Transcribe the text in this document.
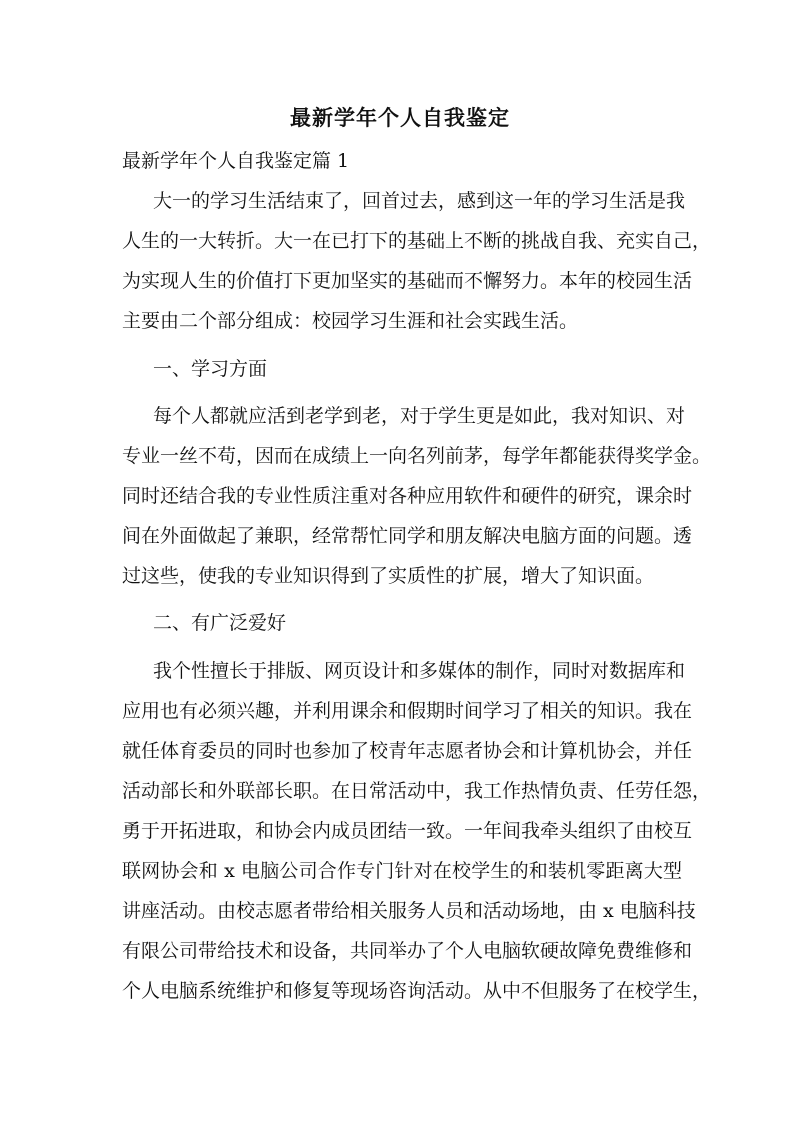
最新学年个人自我鉴定
最新学年个人自我鉴定篇 1
大一的学习生活结束了，回首过去，感到这一年的学习生活是我
人生的一大转折。大一在已打下的基础上不断的挑战自我、充实自己，
为实现人生的价值打下更加坚实的基础而不懈努力。本年的校园生活
主要由二个部分组成：校园学习生涯和社会实践生活。
一、学习方面
每个人都就应活到老学到老，对于学生更是如此，我对知识、对
专业一丝不苟，因而在成绩上一向名列前茅，每学年都能获得奖学金。
同时还结合我的专业性质注重对各种应用软件和硬件的研究，课余时
间在外面做起了兼职，经常帮忙同学和朋友解决电脑方面的问题。透
过这些，使我的专业知识得到了实质性的扩展，增大了知识面。
二、有广泛爱好
我个性擅长于排版、网页设计和多媒体的制作，同时对数据库和
应用也有必须兴趣，并利用课余和假期时间学习了相关的知识。我在
就任体育委员的同时也参加了校青年志愿者协会和计算机协会，并任
活动部长和外联部长职。在日常活动中，我工作热情负责、任劳任怨，
勇于开拓进取，和协会内成员团结一致。一年间我牵头组织了由校互
联网协会和 x 电脑公司合作专门针对在校学生的和装机零距离大型
讲座活动。由校志愿者带给相关服务人员和活动场地，由 x 电脑科技
有限公司带给技术和设备，共同举办了个人电脑软硬故障免费维修和
个人电脑系统维护和修复等现场咨询活动。从中不但服务了在校学生，
